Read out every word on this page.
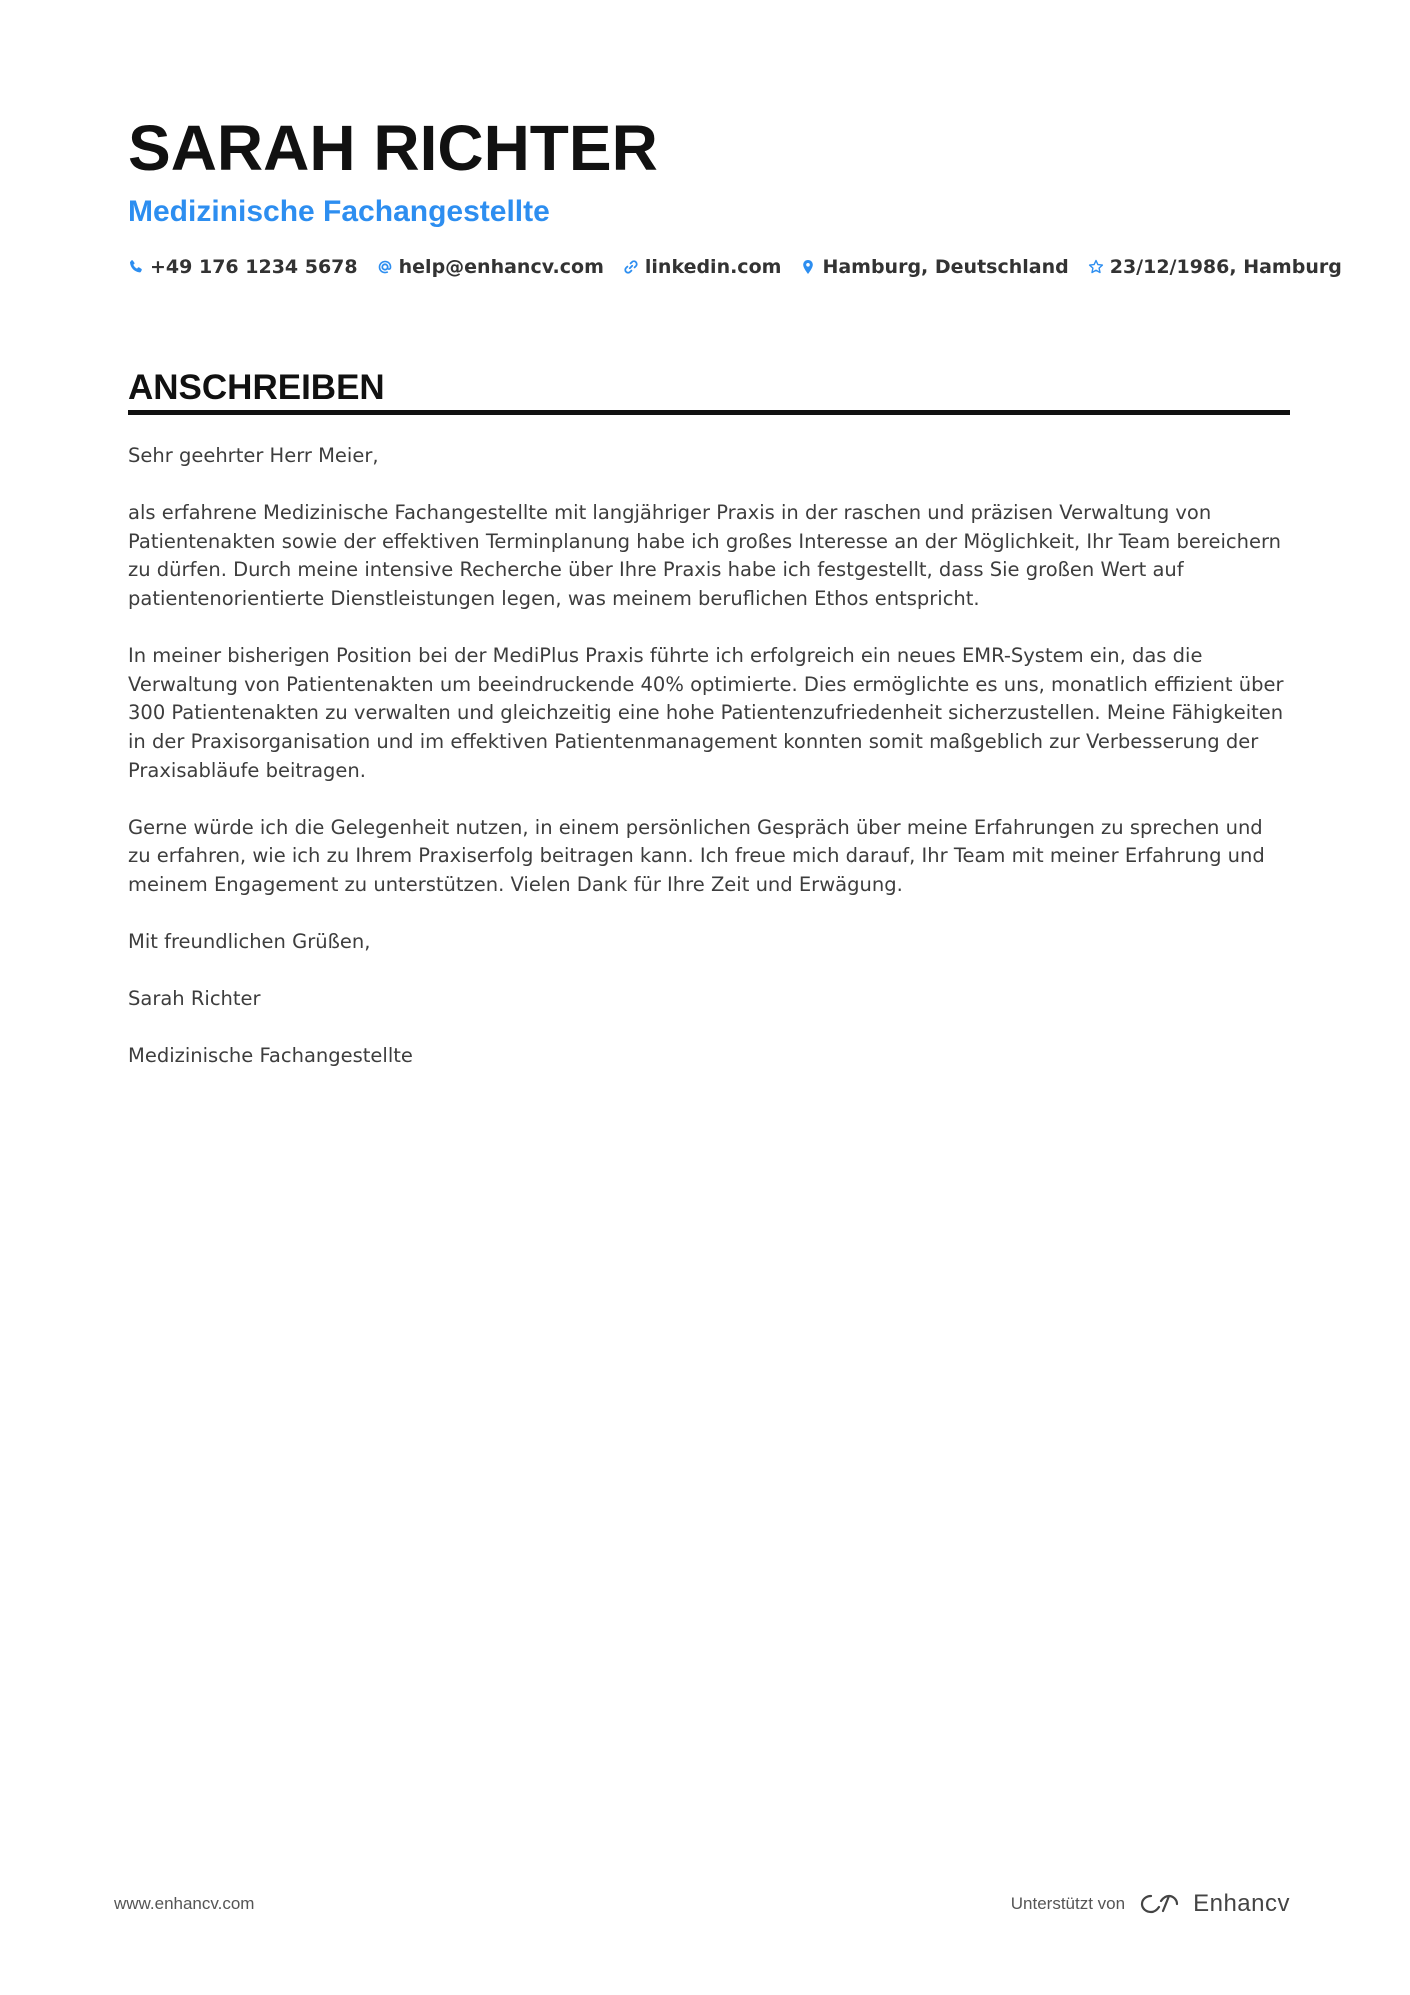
SARAH RICHTER
Medizinische Fachangestellte
+49 176 1234 5678 help@enhancv.com linkedin.com Hamburg, Deutschland 23/12/1986, Hamburg
ANSCHREIBEN

Sehr geehrter Herr Meier,

als erfahrene Medizinische Fachangestellte mit langjähriger Praxis in der raschen und präzisen Verwaltung von Patientenakten sowie der effektiven Terminplanung habe ich großes Interesse an der Möglichkeit, Ihr Team bereichern zu dürfen. Durch meine intensive Recherche über Ihre Praxis habe ich festgestellt, dass Sie großen Wert auf patientenorientierte Dienstleistungen legen, was meinem beruflichen Ethos entspricht.

In meiner bisherigen Position bei der MediPlus Praxis führte ich erfolgreich ein neues EMR-System ein, das die Verwaltung von Patientenakten um beeindruckende 40% optimierte. Dies ermöglichte es uns, monatlich effizient über 300 Patientenakten zu verwalten und gleichzeitig eine hohe Patientenzufriedenheit sicherzustellen. Meine Fähigkeiten in der Praxisorganisation und im effektiven Patientenmanagement konnten somit maßgeblich zur Verbesserung der Praxisabläufe beitragen.

Gerne würde ich die Gelegenheit nutzen, in einem persönlichen Gespräch über meine Erfahrungen zu sprechen und zu erfahren, wie ich zu Ihrem Praxiserfolg beitragen kann. Ich freue mich darauf, Ihr Team mit meiner Erfahrung und meinem Engagement zu unterstützen. Vielen Dank für Ihre Zeit und Erwägung.

Mit freundlichen Grüßen,

Sarah Richter

Medizinische Fachangestellte

www.enhancv.com	Unterstützt von	Enhancv
